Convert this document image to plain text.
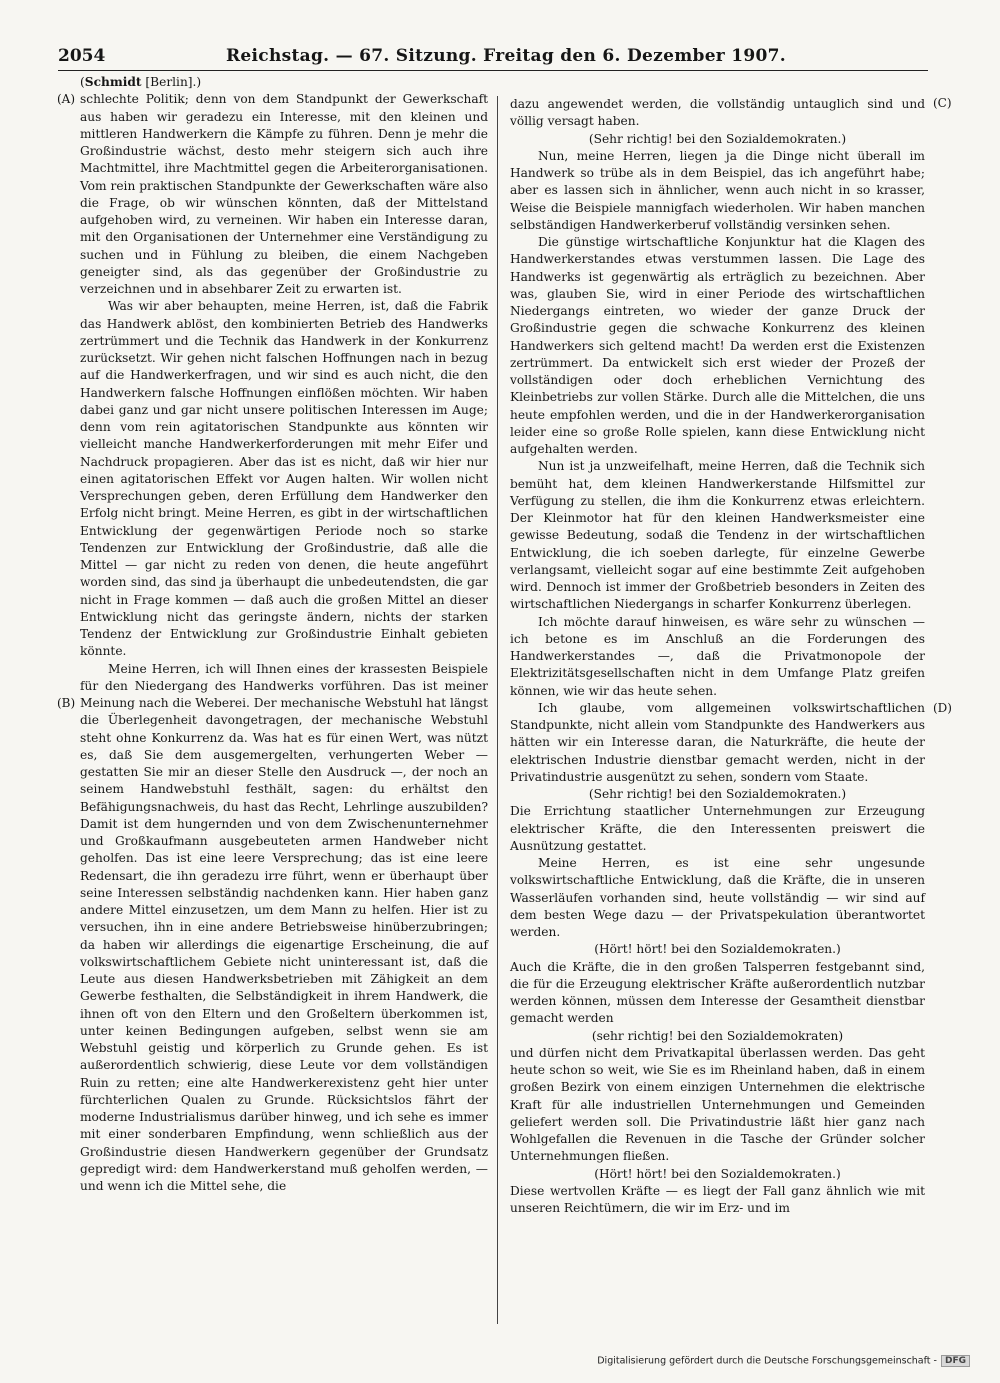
2054	Reichstag. — 67. Sitzung. Freitag den 6. Dezember 1907.
(A)
(B)
(C)
(D)

(Schmidt [Berlin].)

schlechte Politik; denn von dem Standpunkt der Gewerkschaft aus haben wir geradezu ein Interesse, mit den kleinen und mittleren Handwerkern die Kämpfe zu führen. Denn je mehr die Großindustrie wächst, desto mehr steigern sich auch ihre Machtmittel, ihre Machtmittel gegen die Arbeiterorganisationen. Vom rein praktischen Standpunkte der Gewerkschaften wäre also die Frage, ob wir wünschen könnten, daß der Mittelstand aufgehoben wird, zu verneinen. Wir haben ein Interesse daran, mit den Organisationen der Unternehmer eine Verständigung zu suchen und in Fühlung zu bleiben, die einem Nachgeben geneigter sind, als das gegenüber der Großindustrie zu verzeichnen und in absehbarer Zeit zu erwarten ist.

Was wir aber behaupten, meine Herren, ist, daß die Fabrik das Handwerk ablöst, den kombinierten Betrieb des Handwerks zertrümmert und die Technik das Handwerk in der Konkurrenz zurücksetzt. Wir gehen nicht falschen Hoffnungen nach in bezug auf die Handwerkerfragen, und wir sind es auch nicht, die den Handwerkern falsche Hoffnungen einflößen möchten. Wir haben dabei ganz und gar nicht unsere politischen Interessen im Auge; denn vom rein agitatorischen Standpunkte aus könnten wir vielleicht manche Handwerkerforderungen mit mehr Eifer und Nachdruck propagieren. Aber das ist es nicht, daß wir hier nur einen agitatorischen Effekt vor Augen halten. Wir wollen nicht Versprechungen geben, deren Erfüllung dem Handwerker den Erfolg nicht bringt. Meine Herren, es gibt in der wirtschaftlichen Entwicklung der gegenwärtigen Periode noch so starke Tendenzen zur Entwicklung der Großindustrie, daß alle die Mittel — gar nicht zu reden von denen, die heute angeführt worden sind, das sind ja überhaupt die unbedeutendsten, die gar nicht in Frage kommen — daß auch die großen Mittel an dieser Entwicklung nicht das geringste ändern, nichts der starken Tendenz der Entwicklung zur Großindustrie Einhalt gebieten könnte.

Meine Herren, ich will Ihnen eines der krassesten Beispiele für den Niedergang des Handwerks vorführen. Das ist meiner Meinung nach die Weberei. Der mechanische Webstuhl hat längst die Überlegenheit davongetragen, der mechanische Webstuhl steht ohne Konkurrenz da. Was hat es für einen Wert, was nützt es, daß Sie dem ausgemergelten, verhungerten Weber — gestatten Sie mir an dieser Stelle den Ausdruck —, der noch an seinem Handwebstuhl festhält, sagen: du erhältst den Befähigungsnachweis, du hast das Recht, Lehrlinge auszubilden? Damit ist dem hungernden und von dem Zwischenunternehmer und Großkaufmann ausgebeuteten armen Handweber nicht geholfen. Das ist eine leere Versprechung; das ist eine leere Redensart, die ihn geradezu irre führt, wenn er überhaupt über seine Interessen selbständig nachdenken kann. Hier haben ganz andere Mittel einzusetzen, um dem Mann zu helfen. Hier ist zu versuchen, ihn in eine andere Betriebsweise hinüberzubringen; da haben wir allerdings die eigenartige Erscheinung, die auf volkswirtschaftlichem Gebiete nicht uninteressant ist, daß die Leute aus diesen Handwerksbetrieben mit Zähigkeit an dem Gewerbe festhalten, die Selbständigkeit in ihrem Handwerk, die ihnen oft von den Eltern und den Großeltern überkommen ist, unter keinen Bedingungen aufgeben, selbst wenn sie am Webstuhl geistig und körperlich zu Grunde gehen. Es ist außerordentlich schwierig, diese Leute vor dem vollständigen Ruin zu retten; eine alte Handwerkerexistenz geht hier unter fürchterlichen Qualen zu Grunde. Rücksichtslos fährt der moderne Industrialismus darüber hinweg, und ich sehe es immer mit einer sonderbaren Empfindung, wenn schließlich aus der Großindustrie diesen Handwerkern gegenüber der Grundsatz gepredigt wird: dem Handwerkerstand muß geholfen werden, — und wenn ich die Mittel sehe, die

dazu angewendet werden, die vollständig untauglich sind und völlig versagt haben.

(Sehr richtig! bei den Sozialdemokraten.)

Nun, meine Herren, liegen ja die Dinge nicht überall im Handwerk so trübe als in dem Beispiel, das ich angeführt habe; aber es lassen sich in ähnlicher, wenn auch nicht in so krasser, Weise die Beispiele mannigfach wiederholen. Wir haben manchen selbständigen Handwerkerberuf vollständig versinken sehen.

Die günstige wirtschaftliche Konjunktur hat die Klagen des Handwerkerstandes etwas verstummen lassen. Die Lage des Handwerks ist gegenwärtig als erträglich zu bezeichnen. Aber was, glauben Sie, wird in einer Periode des wirtschaftlichen Niedergangs eintreten, wo wieder der ganze Druck der Großindustrie gegen die schwache Konkurrenz des kleinen Handwerkers sich geltend macht! Da werden erst die Existenzen zertrümmert. Da entwickelt sich erst wieder der Prozeß der vollständigen oder doch erheblichen Vernichtung des Kleinbetriebs zur vollen Stärke. Durch alle die Mittelchen, die uns heute empfohlen werden, und die in der Handwerkerorganisation leider eine so große Rolle spielen, kann diese Entwicklung nicht aufgehalten werden.

Nun ist ja unzweifelhaft, meine Herren, daß die Technik sich bemüht hat, dem kleinen Handwerkerstande Hilfsmittel zur Verfügung zu stellen, die ihm die Konkurrenz etwas erleichtern. Der Kleinmotor hat für den kleinen Handwerksmeister eine gewisse Bedeutung, sodaß die Tendenz in der wirtschaftlichen Entwicklung, die ich soeben darlegte, für einzelne Gewerbe verlangsamt, vielleicht sogar auf eine bestimmte Zeit aufgehoben wird. Dennoch ist immer der Großbetrieb besonders in Zeiten des wirtschaftlichen Niedergangs in scharfer Konkurrenz überlegen.

Ich möchte darauf hinweisen, es wäre sehr zu wünschen — ich betone es im Anschluß an die Forderungen des Handwerkerstandes —, daß die Privatmonopole der Elektrizitätsgesellschaften nicht in dem Umfange Platz greifen können, wie wir das heute sehen.

Ich glaube, vom allgemeinen volkswirtschaftlichen Standpunkte, nicht allein vom Standpunkte des Handwerkers aus hätten wir ein Interesse daran, die Naturkräfte, die heute der elektrischen Industrie dienstbar gemacht werden, nicht in der Privatindustrie ausgenützt zu sehen, sondern vom Staate.

(Sehr richtig! bei den Sozialdemokraten.)

Die Errichtung staatlicher Unternehmungen zur Erzeugung elektrischer Kräfte, die den Interessenten preiswert die Ausnützung gestattet.

Meine Herren, es ist eine sehr ungesunde volkswirtschaftliche Entwicklung, daß die Kräfte, die in unseren Wasserläufen vorhanden sind, heute vollständig — wir sind auf dem besten Wege dazu — der Privatspekulation überantwortet werden.

(Hört! hört! bei den Sozialdemokraten.)

Auch die Kräfte, die in den großen Talsperren festgebannt sind, die für die Erzeugung elektrischer Kräfte außerordentlich nutzbar werden können, müssen dem Interesse der Gesamtheit dienstbar gemacht werden

(sehr richtig! bei den Sozialdemokraten)

und dürfen nicht dem Privatkapital überlassen werden. Das geht heute schon so weit, wie Sie es im Rheinland haben, daß in einem großen Bezirk von einem einzigen Unternehmen die elektrische Kraft für alle industriellen Unternehmungen und Gemeinden geliefert werden soll. Die Privatindustrie läßt hier ganz nach Wohlgefallen die Revenuen in die Tasche der Gründer solcher Unternehmungen fließen.

(Hört! hört! bei den Sozialdemokraten.)

Diese wertvollen Kräfte — es liegt der Fall ganz ähnlich wie mit unseren Reichtümern, die wir im Erz- und im

Digitalisierung gefördert durch die Deutsche Forschungsgemeinschaft - DFG
